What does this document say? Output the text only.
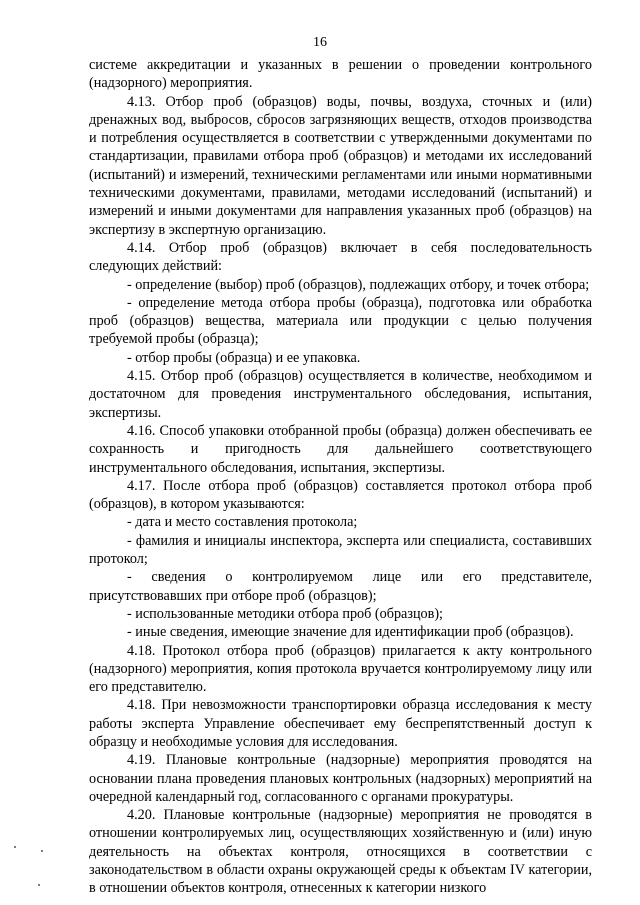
16

системе аккредитации и указанных в решении о проведении контрольного (надзорного) мероприятия.

4.13. Отбор проб (образцов) воды, почвы, воздуха, сточных и (или) дренажных вод, выбросов, сбросов загрязняющих веществ, отходов производства и потребления осуществляется в соответствии с утвержденными документами по стандартизации, правилами отбора проб (образцов) и методами их исследований (испытаний) и измерений, техническими регламентами или иными нормативными техническими документами, правилами, методами исследований (испытаний) и измерений и иными документами для направления указанных проб (образцов) на экспертизу в экспертную организацию.

4.14. Отбор проб (образцов) включает в себя последовательность следующих действий:

- определение (выбор) проб (образцов), подлежащих отбору, и точек отбора;

- определение метода отбора пробы (образца), подготовка или обработка проб (образцов) вещества, материала или продукции с целью получения требуемой пробы (образца);

- отбор пробы (образца) и ее упаковка.

4.15. Отбор проб (образцов) осуществляется в количестве, необходимом и достаточном для проведения инструментального обследования, испытания, экспертизы.

4.16. Способ упаковки отобранной пробы (образца) должен обеспечивать ее сохранность и пригодность для дальнейшего соответствующего инструментального обследования, испытания, экспертизы.

4.17. После отбора проб (образцов) составляется протокол отбора проб (образцов), в котором указываются:

- дата и место составления протокола;

- фамилия и инициалы инспектора, эксперта или специалиста, составивших протокол;

- сведения о контролируемом лице или его представителе, присутствовавших при отборе проб (образцов);

- использованные методики отбора проб (образцов);

- иные сведения, имеющие значение для идентификации проб (образцов).

4.18. Протокол отбора проб (образцов) прилагается к акту контрольного (надзорного) мероприятия, копия протокола вручается контролируемому лицу или его представителю.

4.18. При невозможности транспортировки образца исследования к месту работы эксперта Управление обеспечивает ему беспрепятственный доступ к образцу и необходимые условия для исследования.

4.19. Плановые контрольные (надзорные) мероприятия проводятся на основании плана проведения плановых контрольных (надзорных) мероприятий на очередной календарный год, согласованного с органами прокуратуры.

4.20. Плановые контрольные (надзорные) мероприятия не проводятся в отношении контролируемых лиц, осуществляющих хозяйственную и (или) иную деятельность на объектах контроля, относящихся в соответствии с законодательством в области охраны окружающей среды к объектам IV категории, в отношении объектов контроля, отнесенных к категории низкого
